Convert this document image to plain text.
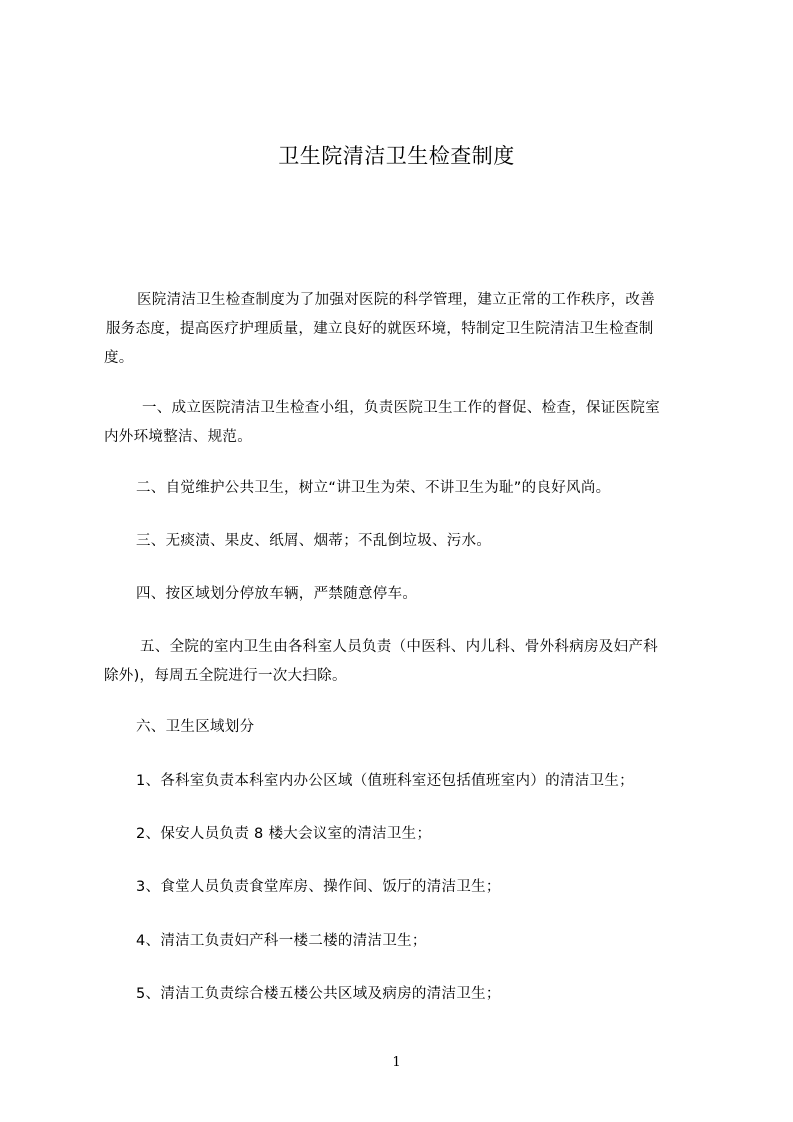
卫生院清洁卫生检查制度
医院清洁卫生检查制度为了加强对医院的科学管理，建立正常的工作秩序，改善
服务态度，提高医疗护理质量，建立良好的就医环境，特制定卫生院清洁卫生检查制
度。
一、成立医院清洁卫生检查小组，负责医院卫生工作的督促、检查，保证医院室
内外环境整洁、规范。
二、自觉维护公共卫生，树立“讲卫生为荣、不讲卫生为耻”的良好风尚。
三、无痰渍、果皮、纸屑、烟蒂；不乱倒垃圾、污水。
四、按区域划分停放车辆，严禁随意停车。
五、全院的室内卫生由各科室人员负责（中医科、内儿科、骨外科病房及妇产科
除外)，每周五全院进行一次大扫除。
六、卫生区域划分
1、各科室负责本科室内办公区域（值班科室还包括值班室内）的清洁卫生；
2、保安人员负责 8 楼大会议室的清洁卫生；
3、食堂人员负责食堂库房、操作间、饭厅的清洁卫生；
4、清洁工负责妇产科一楼二楼的清洁卫生；
5、清洁工负责综合楼五楼公共区域及病房的清洁卫生；
1
